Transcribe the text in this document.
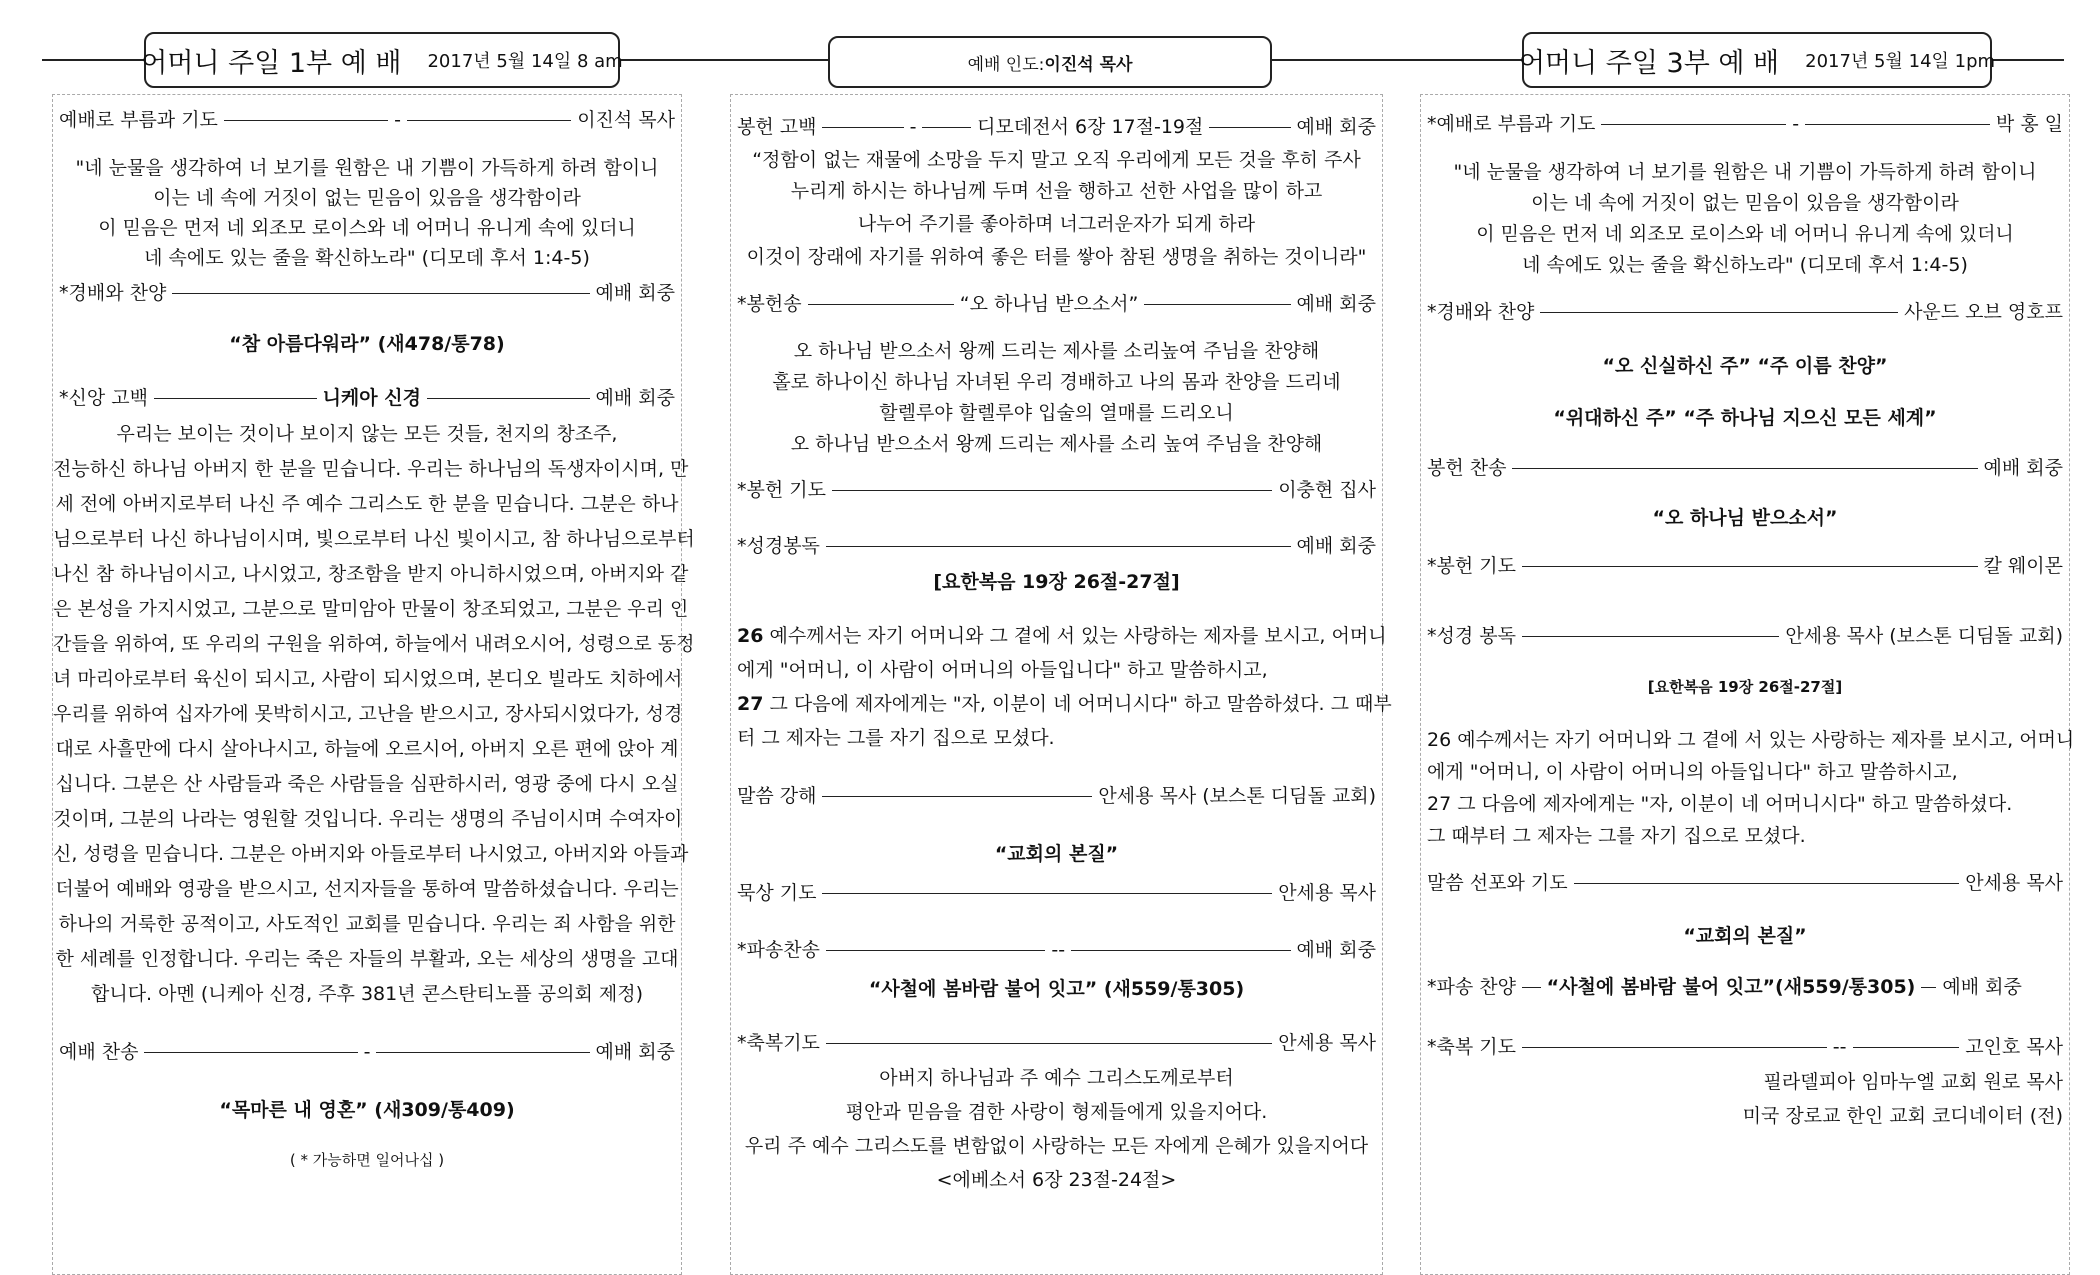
어머니 주일 1부 예 배 2017년 5월 14일 8 am	예배 인도: 이진석 목사	어머니 주일 3부 예 배 2017년 5월 14일 1pm
예배로 부름과 기도	-	이진석 목사
"네 눈물을 생각하여 너 보기를 원함은 내 기쁨이 가득하게 하려 함이니
이는 네 속에 거짓이 없는 믿음이 있음을 생각함이라
이 믿음은 먼저 네 외조모 로이스와 네 어머니 유니게 속에 있더니
네 속에도 있는 줄을 확신하노라" (디모데 후서 1:4-5)
*경배와 찬양	예배 회중
“참 아름다워라” (새478/통78)
*신앙 고백	니케아 신경	예배 회중
우리는 보이는 것이나 보이지 않는 모든 것들, 천지의 창조주,
전능하신 하나님 아버지 한 분을 믿습니다. 우리는 하나님의 독생자이시며, 만
세 전에 아버지로부터 나신 주 예수 그리스도 한 분을 믿습니다. 그분은 하나
님으로부터 나신 하나님이시며, 빛으로부터 나신 빛이시고, 참 하나님으로부터
나신 참 하나님이시고, 나시었고, 창조함을 받지 아니하시었으며, 아버지와 같
은 본성을 가지시었고, 그분으로 말미암아 만물이 창조되었고, 그분은 우리 인
간들을 위하여, 또 우리의 구원을 위하여, 하늘에서 내려오시어, 성령으로 동정
녀 마리아로부터 육신이 되시고, 사람이 되시었으며, 본디오 빌라도 치하에서
우리를 위하여 십자가에 못박히시고, 고난을 받으시고, 장사되시었다가, 성경
대로 사흘만에 다시 살아나시고, 하늘에 오르시어, 아버지 오른 편에 앉아 계
십니다. 그분은 산 사람들과 죽은 사람들을 심판하시러, 영광 중에 다시 오실
것이며, 그분의 나라는 영원할 것입니다. 우리는 생명의 주님이시며 수여자이
신, 성령을 믿습니다. 그분은 아버지와 아들로부터 나시었고, 아버지와 아들과
더불어 예배와 영광을 받으시고, 선지자들을 통하여 말씀하셨습니다. 우리는
하나의 거룩한 공적이고, 사도적인 교회를 믿습니다. 우리는 죄 사함을 위한
한 세례를 인정합니다. 우리는 죽은 자들의 부활과, 오는 세상의 생명을 고대
합니다. 아멘 (니케아 신경, 주후 381년 콘스탄티노플 공의회 제정)
예배 찬송	-	예배 회중
“목마른 내 영혼” (새309/통409)
( * 가능하면 일어나십 )
봉헌 고백	-	디모데전서 6장 17절-19절	예배 회중
“정함이 없는 재물에 소망을 두지 말고 오직 우리에게 모든 것을 후히 주사
누리게 하시는 하나님께 두며 선을 행하고 선한 사업을 많이 하고
나누어 주기를 좋아하며 너그러운자가 되게 하라
이것이 장래에 자기를 위하여 좋은 터를 쌓아 참된 생명을 취하는 것이니라"
*봉헌송	“오 하나님 받으소서”	예배 회중
오 하나님 받으소서 왕께 드리는 제사를 소리높여 주님을 찬양해
홀로 하나이신 하나님 자녀된 우리 경배하고 나의 몸과 찬양을 드리네
할렐루야 할렐루야 입술의 열매를 드리오니
오 하나님 받으소서 왕께 드리는 제사를 소리 높여 주님을 찬양해
*봉헌 기도	이충현 집사
*성경봉독	예배 회중
[요한복음 19장 26절-27절]
26 예수께서는 자기 어머니와 그 곁에 서 있는 사랑하는 제자를 보시고, 어머니
에게 "어머니, 이 사람이 어머니의 아들입니다" 하고 말씀하시고,
27 그 다음에 제자에게는 "자, 이분이 네 어머니시다" 하고 말씀하셨다. 그 때부
터 그 제자는 그를 자기 집으로 모셨다.
말씀 강해	안세용 목사 (보스톤 디딤돌 교회)
“교회의 본질”
묵상 기도	안세용 목사
*파송찬송	--	예배 회중
“사철에 봄바람 불어 잇고” (새559/통305)
*축복기도	안세용 목사
아버지 하나님과 주 예수 그리스도께로부터
평안과 믿음을 겸한 사랑이 형제들에게 있을지어다.
우리 주 예수 그리스도를 변함없이 사랑하는 모든 자에게 은혜가 있을지어다
<에베소서 6장 23절-24절>
*예배로 부름과 기도	-	박 홍 일
"네 눈물을 생각하여 너 보기를 원함은 내 기쁨이 가득하게 하려 함이니
이는 네 속에 거짓이 없는 믿음이 있음을 생각함이라
이 믿음은 먼저 네 외조모 로이스와 네 어머니 유니게 속에 있더니
네 속에도 있는 줄을 확신하노라" (디모데 후서 1:4-5)
*경배와 찬양	사운드 오브 영호프
“오 신실하신 주” “주 이름 찬양”
“위대하신 주” “주 하나님 지으신 모든 세계”
봉헌 찬송	예배 회중
“오 하나님 받으소서”
*봉헌 기도	칼 웨이몬
*성경 봉독	안세용 목사 (보스톤 디딤돌 교회)
[요한복음 19장 26절-27절]
26 예수께서는 자기 어머니와 그 곁에 서 있는 사랑하는 제자를 보시고, 어머니
에게 "어머니, 이 사람이 어머니의 아들입니다" 하고 말씀하시고,
27 그 다음에 제자에게는 "자, 이분이 네 어머니시다" 하고 말씀하셨다.
그 때부터 그 제자는 그를 자기 집으로 모셨다.
말씀 선포와 기도	안세용 목사
“교회의 본질”
*파송 찬양 “사철에 봄바람 불어 잇고” (새559/통305) 예배 회중
*축복 기도	--	고인호 목사
필라델피아 임마누엘 교회 원로 목사
미국 장로교 한인 교회 코디네이터 (전)
